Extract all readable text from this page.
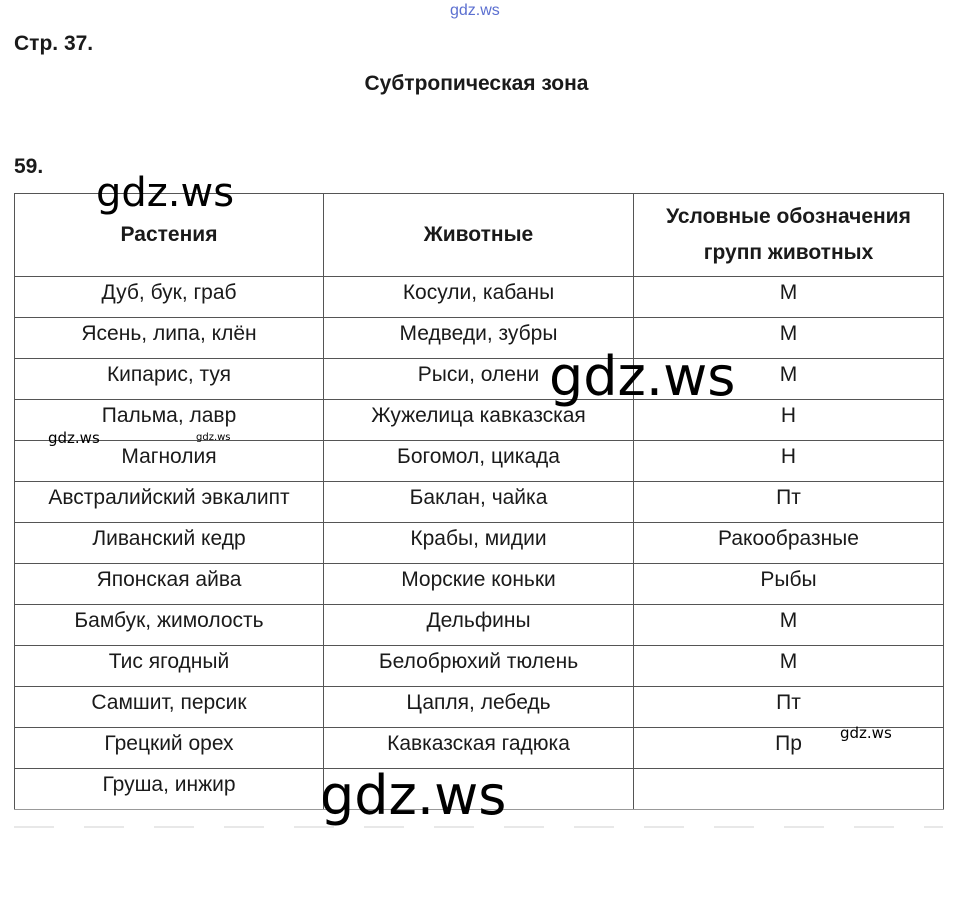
gdz.ws
Стр. 37.
Субтропическая зона
59.
Растения	Животные	Условные обозначения
групп животных

Дуб, бук, граб	Косули, кабаны	М
Ясень, липа, клён	Медведи, зубры	М
Кипарис, туя	Рыси, олени	М
Пальма, лавр	Жужелица кавказская	Н
Магнолия	Богомол, цикада	Н
Австралийский эвкалипт	Баклан, чайка	Пт
Ливанский кедр	Крабы, мидии	Ракообразные
Японская айва	Морские коньки	Рыбы
Бамбук, жимолость	Дельфины	М
Тис ягодный	Белобрюхий тюлень	М
Самшит, персик	Цапля, лебедь	Пт
Грецкий орех	Кавказская гадюка	Пр
Груша, инжир		
gdz.ws
gdz.ws
gdz.ws
gdz.ws	gdz.ws
gdz.ws
